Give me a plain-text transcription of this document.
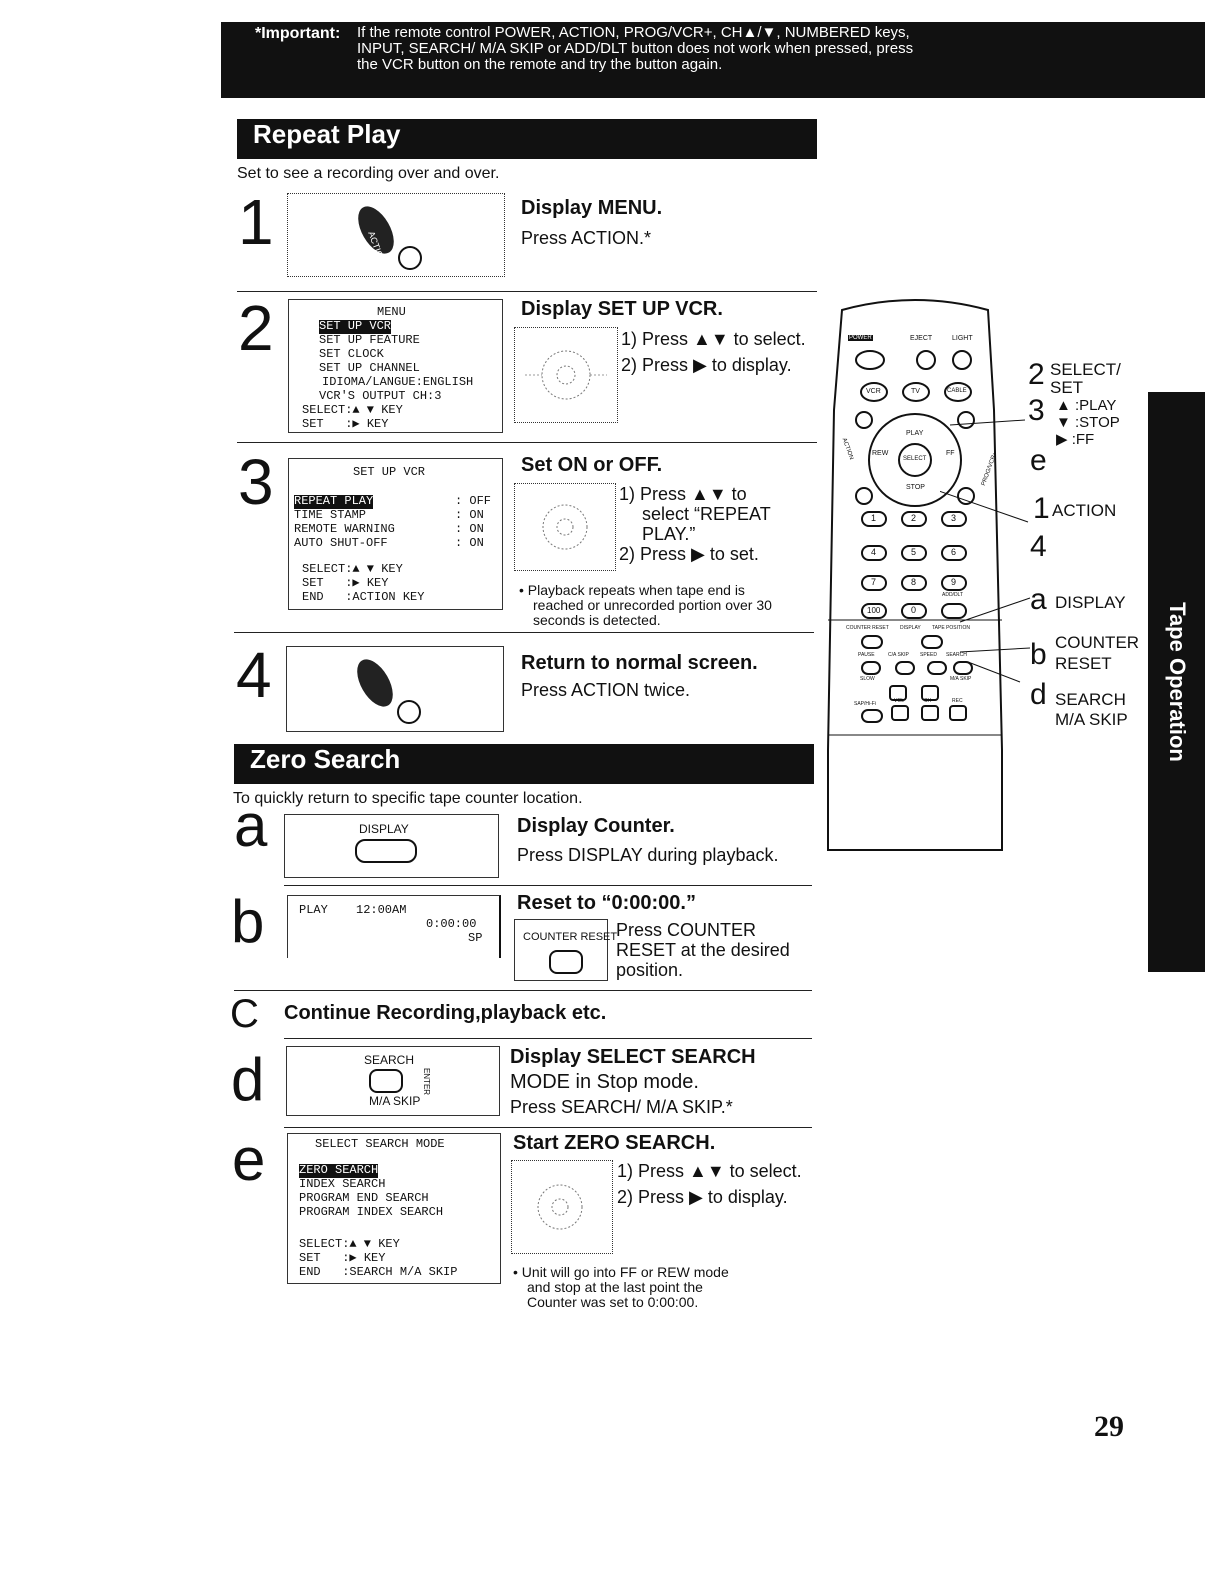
*Important: If the remote control POWER, ACTION, PROG/VCR+, CH▲/▼, NUMBERED keys,
INPUT, SEARCH/ M/A SKIP or ADD/DLT button does not work when pressed, press
the VCR button on the remote and try the button again.
Repeat Play
Set to see a recording over and over.
1	ACTION
Display MENU.
Press ACTION.*
2	MENU
SET UP VCR
SET UP FEATURE
SET CLOCK
SET UP CHANNEL
IDIOMA/LANGUE:ENGLISH
VCR'S OUTPUT CH:3
SELECT:▲ ▼ KEY
SET   :▶ KEY
Display SET UP VCR.
1) Press ▲▼ to select.
2) Press ▶ to display.
3	SET UP VCR
REPEAT PLAY	: OFF
TIME STAMP	: ON
REMOTE WARNING	: ON
AUTO SHUT-OFF	: ON
SELECT:▲ ▼ KEY
SET   :▶ KEY
END   :ACTION KEY
Set ON or OFF.
1) Press ▲▼ to
select “REPEAT
PLAY.”
2) Press ▶ to set.
• Playback repeats when tape end is
reached or unrecorded portion over 30
seconds is detected.
4	Return to normal screen.
Press ACTION twice.
Zero Search
To quickly return to specific tape counter location.
a	DISPLAY	Display Counter.
Press DISPLAY during playback.
b	PLAY 12:00AM
0:00:00
SP
Reset to “0:00:00.”
COUNTER RESET
Press COUNTER
RESET at the desired
position.
C Continue Recording,playback etc.
d	SEARCH
ENTER
M/A SKIP
Display SELECT SEARCH
MODE in Stop mode.
Press SEARCH/ M/A SKIP.*
e	SELECT SEARCH MODE
ZERO SEARCH
INDEX SEARCH
PROGRAM END SEARCH
PROGRAM INDEX SEARCH
SELECT:▲ ▼ KEY
SET   :▶ KEY
END   :SEARCH M/A SKIP
Start ZERO SEARCH.
1) Press ▲▼ to select.
2) Press ▶ to display.
• Unit will go into FF or REW mode
and stop at the last point the
Counter was set to 0:00:00.
POWER	EJECT	LIGHT
VCR	TV	CABLE
PLAY
REW
SELECT
FF
STOP
ACTION
PROG/VCR+
1	2	3
4	5	6
7	8	9
100	0
ADD/DLT
COUNTER RESET DISPLAY TAPE POSITION
PAUSE	C/A SKIP SPEED SEARCH
SLOW	M/A SKIP
SAP/Hi-Fi	VOL	CH	REC
2 SELECT/
SET
3 ▲ :PLAY
▼ :STOP
▶ :FF
e
1 ACTION
4
a DISPLAY
b COUNTER
RESET
d SEARCH
M/A SKIP Tape Operation
29
